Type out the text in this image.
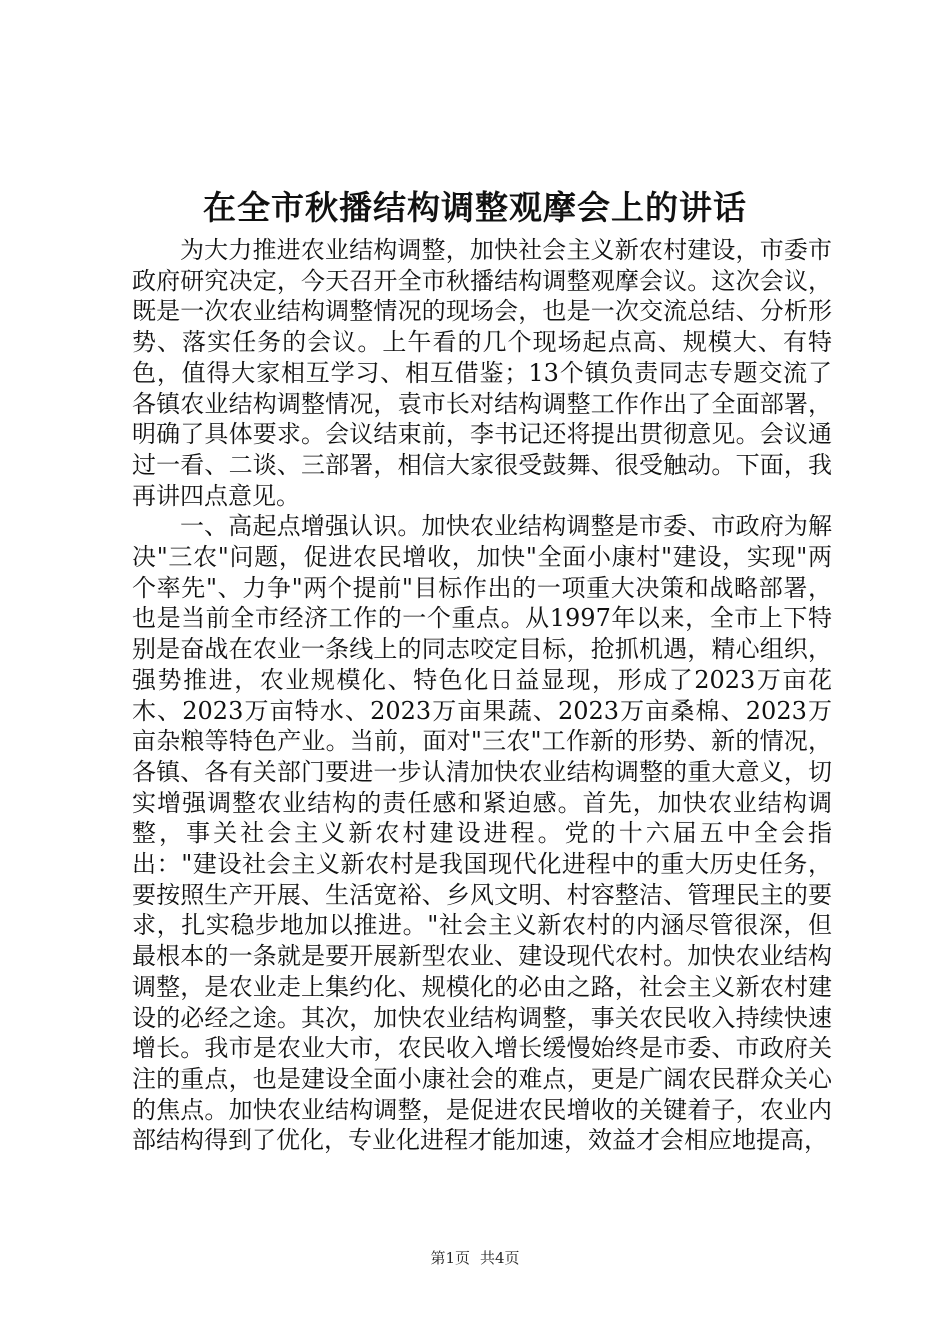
在全市秋播结构调整观摩会上的讲话

为大力推进农业结构调整，加快社会主义新农村建设，市委市政府研究决定，今天召开全市秋播结构调整观摩会议。这次会议，既是一次农业结构调整情况的现场会，也是一次交流总结、分析形势、落实任务的会议。上午看的几个现场起点高、规模大、有特色，值得大家相互学习、相互借鉴；13个镇负责同志专题交流了各镇农业结构调整情况，袁市长对结构调整工作作出了全面部署，明确了具体要求。会议结束前，李书记还将提出贯彻意见。会议通过一看、二谈、三部署，相信大家很受鼓舞、很受触动。下面，我再讲四点意见。

一、高起点增强认识。加快农业结构调整是市委、市政府为解决"三农"问题，促进农民增收，加快"全面小康村"建设，实现"两个率先"、力争"两个提前"目标作出的一项重大决策和战略部署，也是当前全市经济工作的一个重点。从1997年以来，全市上下特别是奋战在农业一条线上的同志咬定目标，抢抓机遇，精心组织，强势推进，农业规模化、特色化日益显现，形成了2023万亩花木、2023万亩特水、2023万亩果蔬、2023万亩桑棉、2023万亩杂粮等特色产业。当前，面对"三农"工作新的形势、新的情况，各镇、各有关部门要进一步认清加快农业结构调整的重大意义，切实增强调整农业结构的责任感和紧迫感。首先，加快农业结构调整，事关社会主义新农村建设进程。党的十六届五中全会指出："建设社会主义新农村是我国现代化进程中的重大历史任务，要按照生产开展、生活宽裕、乡风文明、村容整洁、管理民主的要求，扎实稳步地加以推进。"社会主义新农村的内涵尽管很深，但最根本的一条就是要开展新型农业、建设现代农村。加快农业结构调整，是农业走上集约化、规模化的必由之路，社会主义新农村建设的必经之途。其次，加快农业结构调整，事关农民收入持续快速增长。我市是农业大市，农民收入增长缓慢始终是市委、市政府关注的重点，也是建设全面小康社会的难点，更是广阔农民群众关心的焦点。加快农业结构调整，是促进农民增收的关键着子，农业内部结构得到了优化，专业化进程才能加速，效益才会相应地提高，

第1页 共4页
